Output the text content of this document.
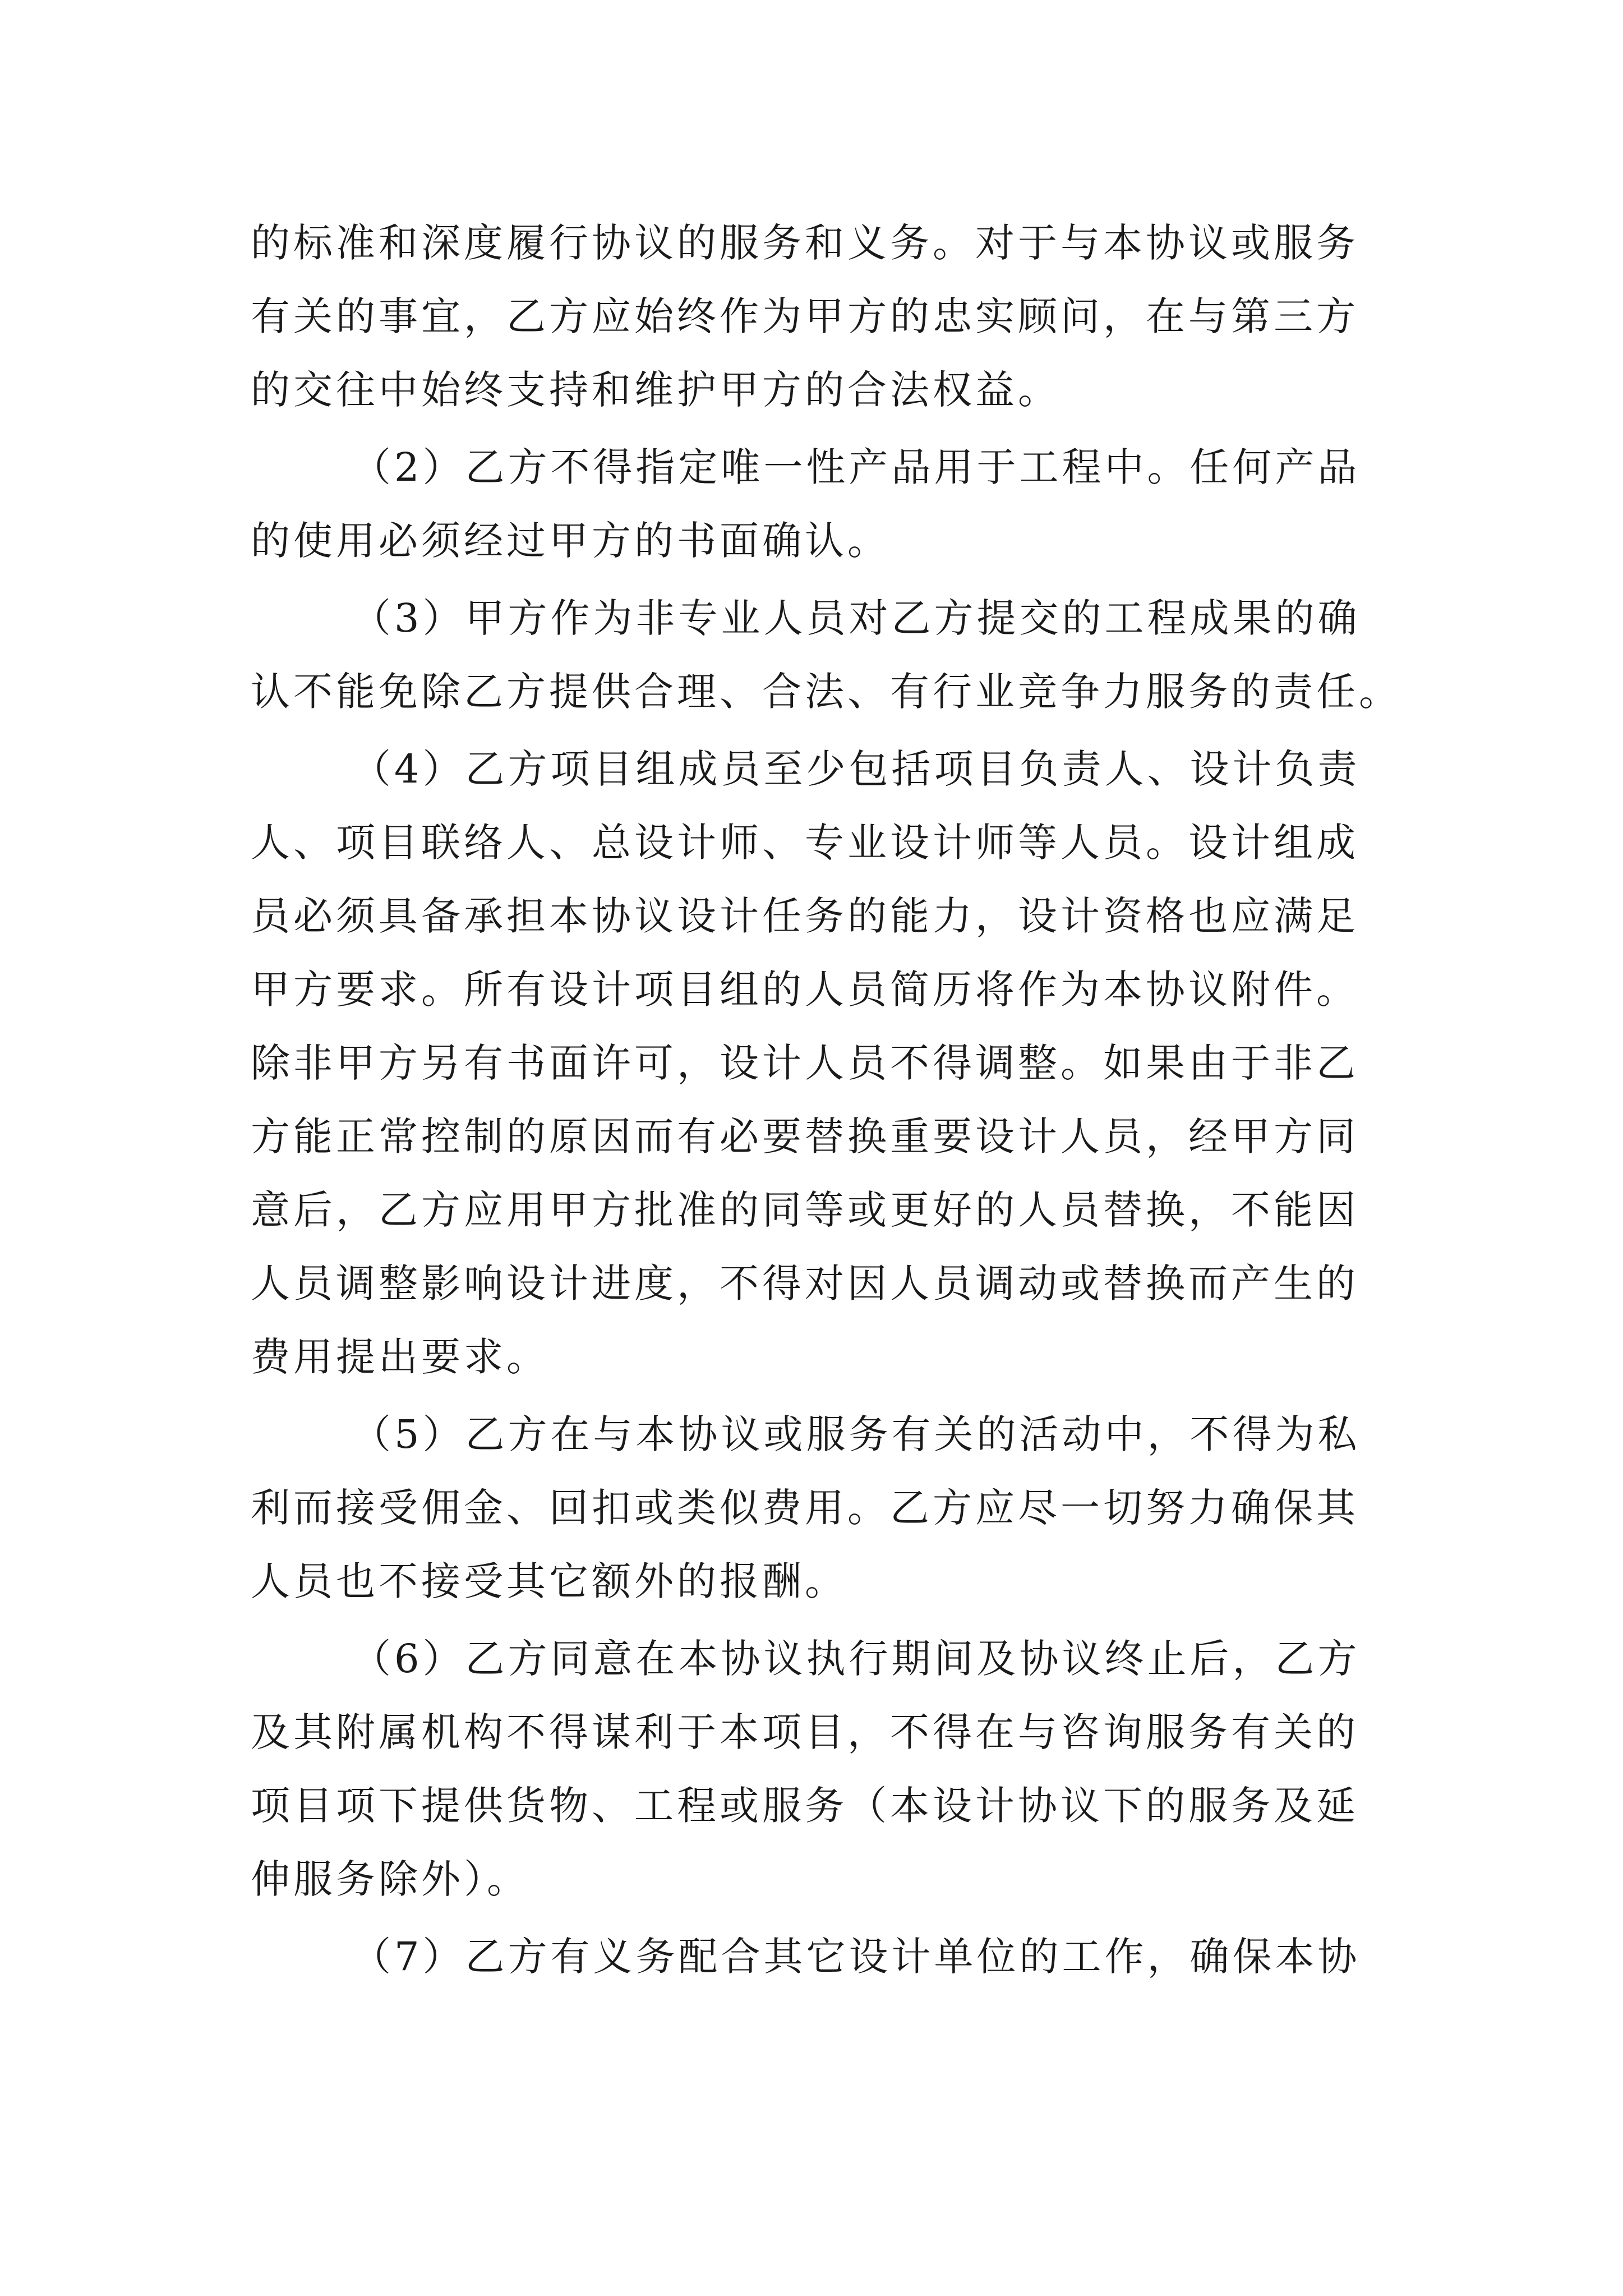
的标准和深度履行协议的服务和义务。对于与本协议或服务
有关的事宜，乙方应始终作为甲方的忠实顾问，在与第三方
的交往中始终支持和维护甲方的合法权益。
（2）乙方不得指定唯一性产品用于工程中。任何产品
的使用必须经过甲方的书面确认。
（3）甲方作为非专业人员对乙方提交的工程成果的确
认不能免除乙方提供合理、合法、有行业竞争力服务的责任。
（4）乙方项目组成员至少包括项目负责人、设计负责
人、项目联络人、总设计师、专业设计师等人员。设计组成
员必须具备承担本协议设计任务的能力，设计资格也应满足
甲方要求。所有设计项目组的人员简历将作为本协议附件。
除非甲方另有书面许可，设计人员不得调整。如果由于非乙
方能正常控制的原因而有必要替换重要设计人员，经甲方同
意后，乙方应用甲方批准的同等或更好的人员替换，不能因
人员调整影响设计进度，不得对因人员调动或替换而产生的
费用提出要求。
（5）乙方在与本协议或服务有关的活动中，不得为私
利而接受佣金、回扣或类似费用。乙方应尽一切努力确保其
人员也不接受其它额外的报酬。
（6）乙方同意在本协议执行期间及协议终止后，乙方
及其附属机构不得谋利于本项目，不得在与咨询服务有关的
项目项下提供货物、工程或服务（本设计协议下的服务及延
伸服务除外）。
（7）乙方有义务配合其它设计单位的工作，确保本协
